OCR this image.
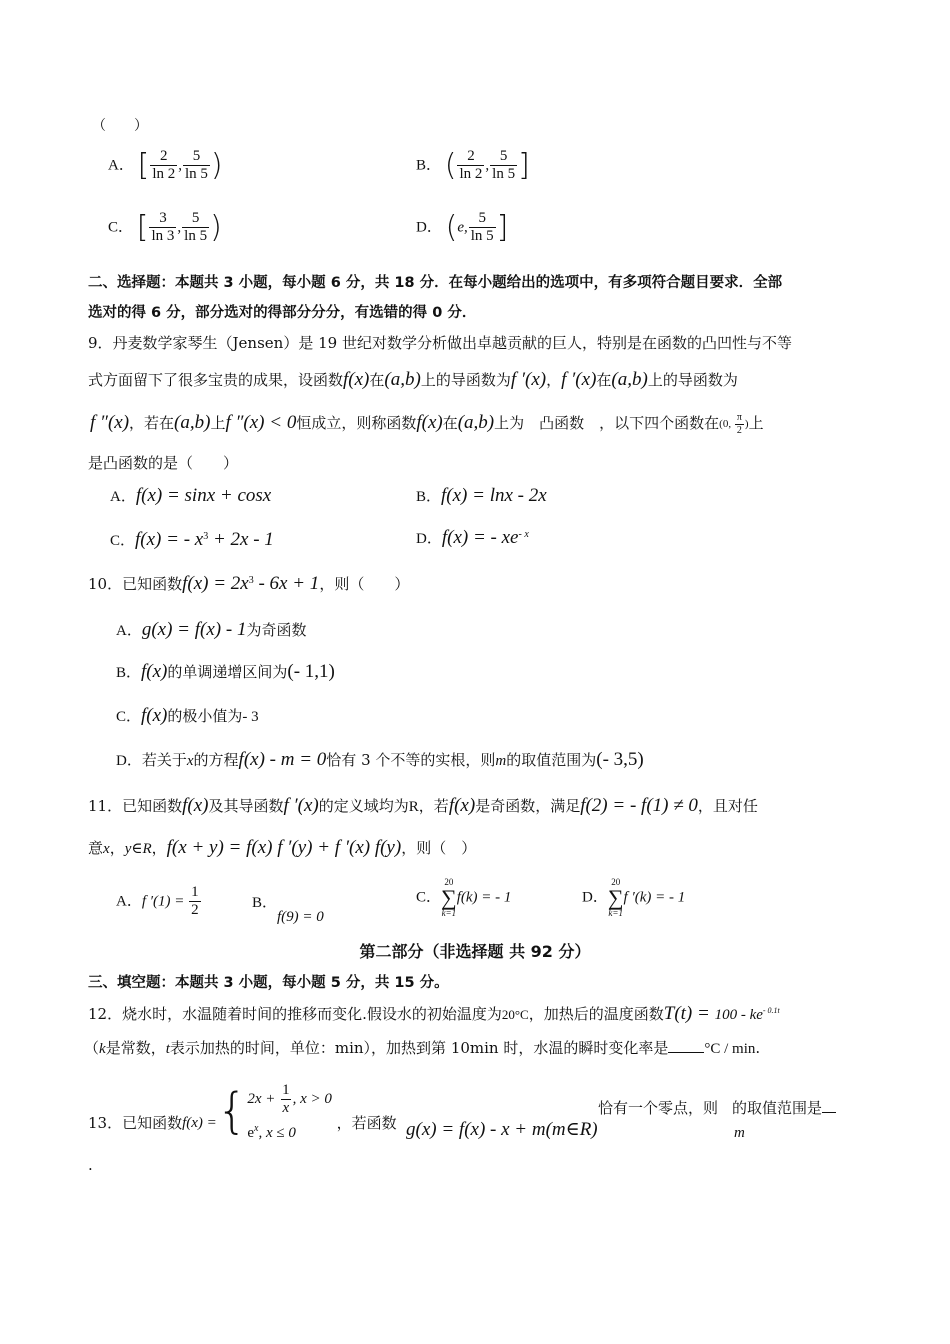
（　　）
A． [ $\frac{2}{\ln 2}$ , $\frac{5}{\ln 5}$ )	B． ( $\frac{2}{\ln 2}$ , $\frac{5}{\ln 5}$ ]
C． [ $\frac{3}{\ln 3}$ , $\frac{5}{\ln 5}$ )	D． (e, $\frac{5}{\ln 5}$ ]
二、选择题：本题共 3 小题，每小题 6 分，共 18 分．在每小题给出的选项中，有多项符合题目要求．全部
选对的得 6 分，部分选对的得部分分分，有选错的得 0 分．
9．丹麦数学家琴生（Jensen）是 19 世纪对数学分析做出卓越贡献的巨人，特别是在函数的凸凹性与不等
式方面留下了很多宝贵的成果，设函数f(x)在(a,b)上的导函数为f ′(x)，f ′(x)在(a,b)上的导函数为
f ″(x)，若在(a,b)上f ″(x) < 0恒成立，则称函数f(x)在(a,b)上为　凸函数　，以下四个函数在(0, $\frac{\pi}{2}$ )上
是凸函数的是（　　）
A．f(x) = sinx + cosx	B．f(x) = lnx - 2x
C．f(x) = - $x^3 + 2x - 1$	D．f(x) = - $xe^{- x}$
10．已知函数$f(x) = 2x^3 - 6x + 1$，则（　　）
A．g(x) = f(x) - 1为奇函数
B．f(x)的单调递增区间为(- 1,1)
C．f(x)的极小值为- 3
D．若关于x的方程f(x) - m = 0恰有 3 个不等的实根，则m的取值范围为(- 3,5)
11．已知函数f(x)及其导函数f ′(x)的定义域均为R，若f(x)是奇函数，满足f(2) = - f(1) ≠ 0，且对任
意x，y∈R，f(x + y) = f(x) f ′(y) + f ′(x) f(y)，则（　）
A．f $'(1) = \frac{1}{2}$	B．f(9) = 0
C．
20
∑
k=1
f(k) = - 1	D．
20
∑
k=1
f ′(k) = - 1
第二部分（非选择题 共 92 分）
三、填空题：本题共 3 小题，每小题 5 分，共 15 分。
12．烧水时，水温随着时间的推移而变化.假设水的初始温度为20°C，加热后的温度函数$T(t) = 100 - ke^{- 0.1t}$
（k是常数，t表示加热的时间，单位：min），加热到第 10min 时，水温的瞬时变化率是 °C / min.
13．已知函数f(x) = { $2x + \frac{1}{x}$ , x > 0
$e^x$, x ≤ 0
，若函数 g(x) = f(x) - x + m(m∈R)
恰有一个零点，则 的取值范围是
m
.
